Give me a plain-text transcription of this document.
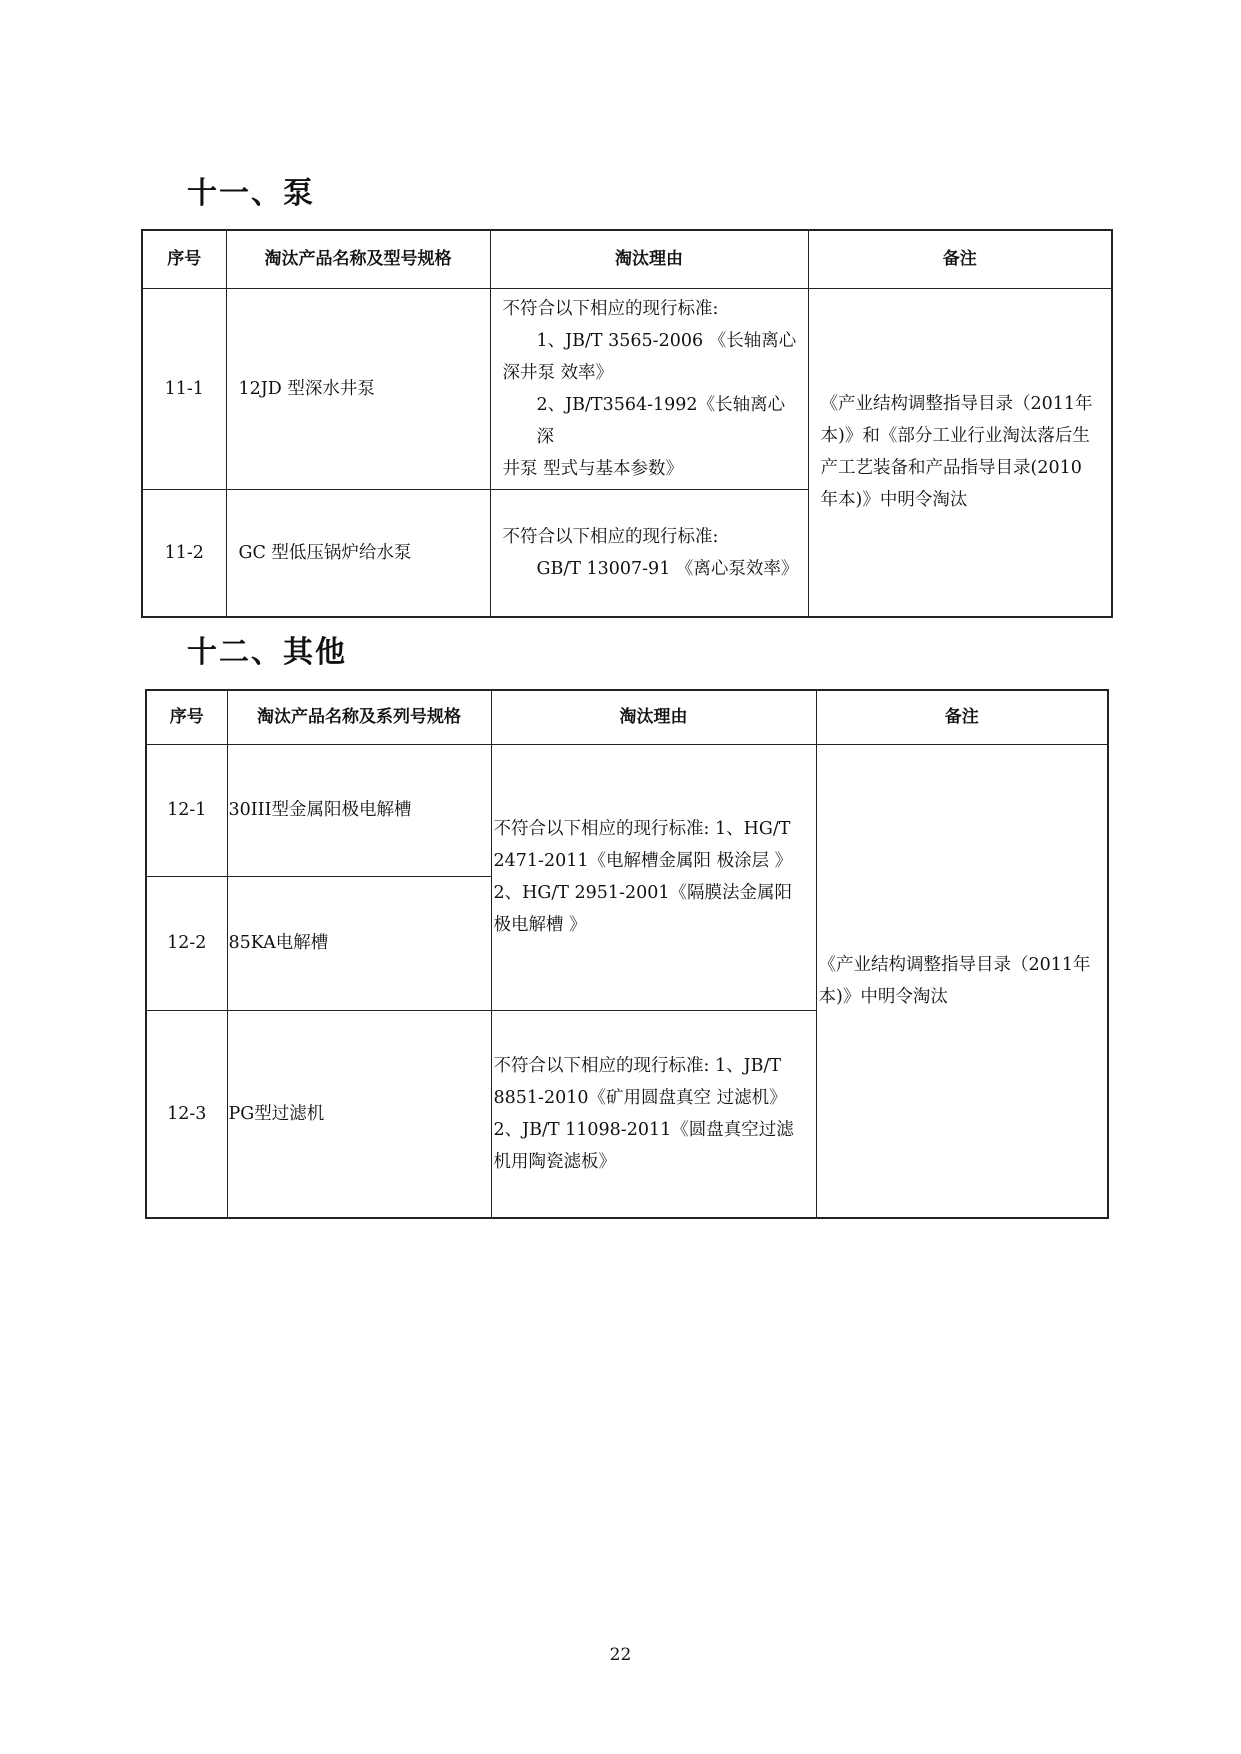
十一、泵
序号	淘汰产品名称及型号规格	淘汰理由	备注
11-1	12JD 型深水井泵	不符合以下相应的现行标准:
1、JB/T 3565-2006 《长轴离心
深井泵 效率》
2、JB/T3564-1992《长轴离心深
井泵 型式与基本参数》	《产业结构调整指导目录（2011年本)》和《部分工业行业淘汰落后生产工艺装备和产品指导目录(2010 年本)》中明令淘汰
11-2	GC 型低压锅炉给水泵	不符合以下相应的现行标准:
GB/T 13007-91 《离心泵效率》	
十二、其他
序号	淘汰产品名称及系列号规格	淘汰理由	备注
12-1	30III型金属阳极电解槽	不符合以下相应的现行标准: 1、HG/T 2471-2011《电解槽金属阳 极涂层 》 2、HG/T 2951-2001《隔膜法金属阳 极电解槽 》	《产业结构调整指导目录（2011年本)》中明令淘汰
12-2	85KA电解槽		
12-3	PG型过滤机	不符合以下相应的现行标准: 1、JB/T 8851-2010《矿用圆盘真空 过滤机》 2、JB/T 11098-2011《圆盘真空过滤 机用陶瓷滤板》	
22
